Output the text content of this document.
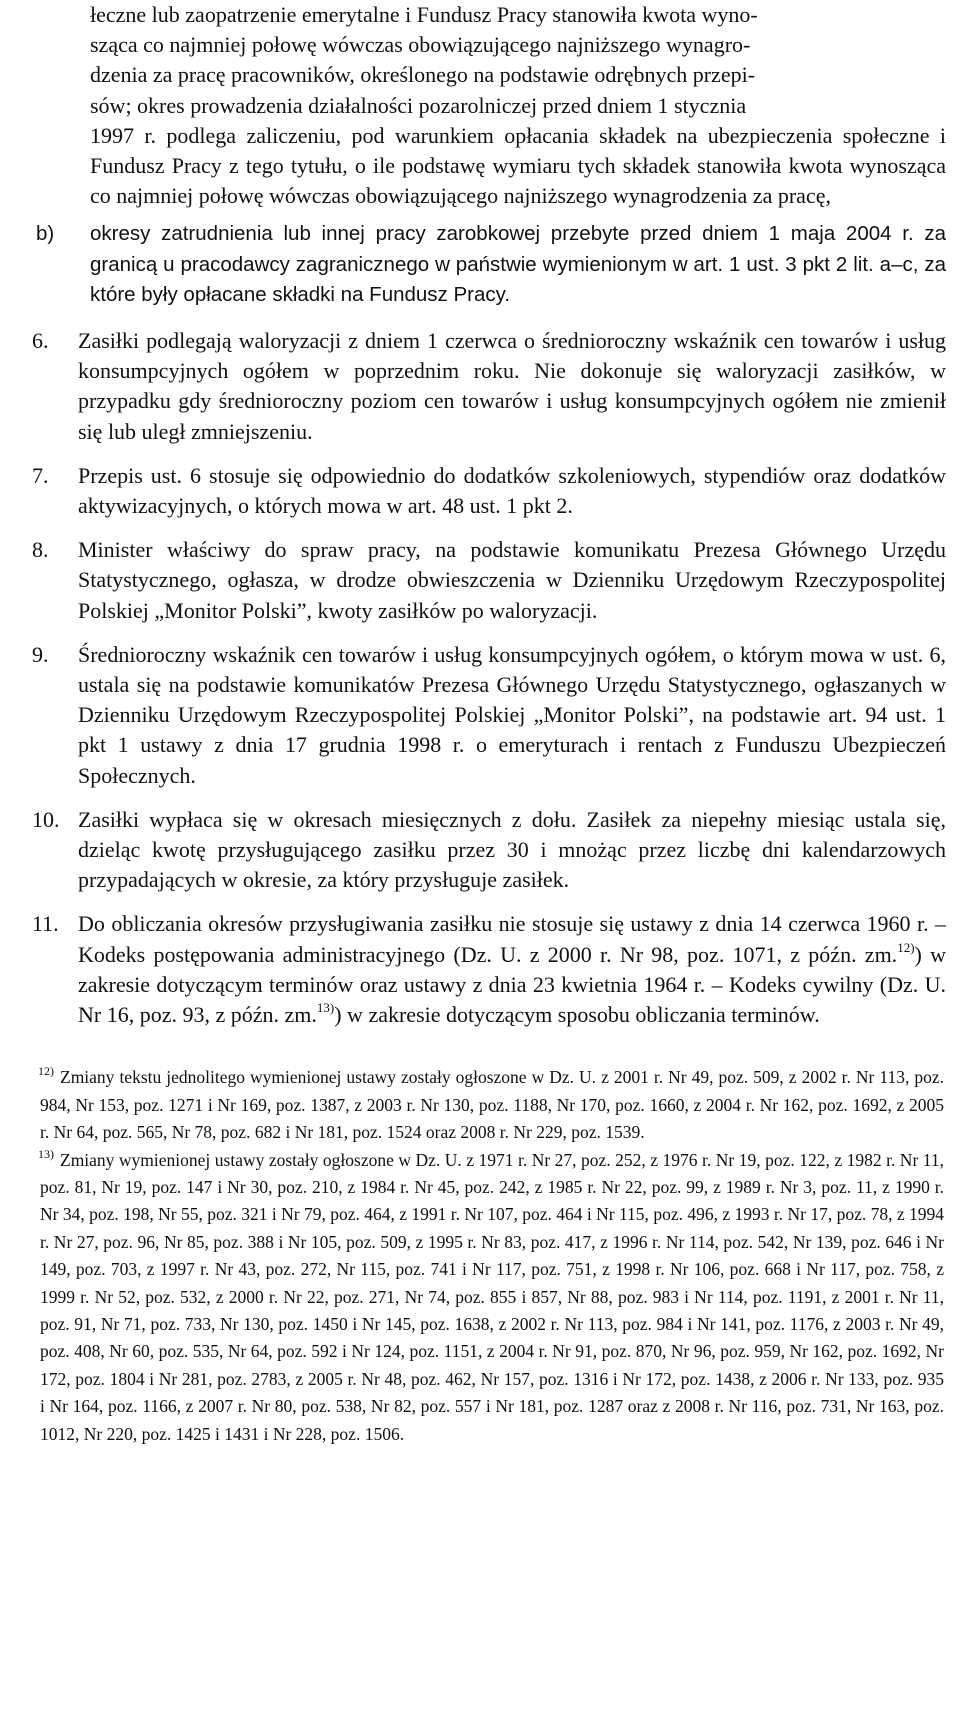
łeczne lub zaopatrzenie emerytalne i Fundusz Pracy stanowiła kwota wyno-
sząca co najmniej połowę wówczas obowiązującego najniższego wynagro-
dzenia za pracę pracowników, określonego na podstawie odrębnych przepi-
sów; okres prowadzenia działalności pozarolniczej przed dniem 1 stycznia
1997 r. podlega zaliczeniu, pod warunkiem opłacania składek na ubezpieczenia społeczne i Fundusz Pracy z tego tytułu, o ile podstawę wymiaru tych składek stanowiła kwota wynosząca co najmniej połowę wówczas obowiązującego najniższego wynagrodzenia za pracę,
b)	okresy zatrudnienia lub innej pracy zarobkowej przebyte przed dniem 1 maja 2004 r. za granicą u pracodawcy zagranicznego w państwie wymienionym w art. 1 ust. 3 pkt 2 lit. a–c, za które były opłacane składki na Fundusz Pracy.
6.	Zasiłki podlegają waloryzacji z dniem 1 czerwca o średnioroczny wskaźnik cen towarów i usług konsumpcyjnych ogółem w poprzednim roku. Nie dokonuje się waloryzacji zasiłków, w przypadku gdy średnioroczny poziom cen towarów i usług konsumpcyjnych ogółem nie zmienił się lub uległ zmniejszeniu.
7.	Przepis ust. 6 stosuje się odpowiednio do dodatków szkoleniowych, stypendiów oraz dodatków aktywizacyjnych, o których mowa w art. 48 ust. 1 pkt 2.
8.	Minister właściwy do spraw pracy, na podstawie komunikatu Prezesa Głównego Urzędu Statystycznego, ogłasza, w drodze obwieszczenia w Dzienniku Urzędowym Rzeczypospolitej Polskiej „Monitor Polski”, kwoty zasiłków po waloryzacji.
9.	Średnioroczny wskaźnik cen towarów i usług konsumpcyjnych ogółem, o którym mowa w ust. 6, ustala się na podstawie komunikatów Prezesa Głównego Urzędu Statystycznego, ogłaszanych w Dzienniku Urzędowym Rzeczypospolitej Polskiej „Monitor Polski”, na podstawie art. 94 ust. 1 pkt 1 ustawy z dnia 17 grudnia 1998 r. o emeryturach i rentach z Funduszu Ubezpieczeń Społecznych.
10. Zasiłki wypłaca się w okresach miesięcznych z dołu. Zasiłek za niepełny miesiąc ustala się, dzieląc kwotę przysługującego zasiłku przez 30 i mnożąc przez liczbę dni kalendarzowych przypadających w okresie, za który przysługuje zasiłek.
11. Do obliczania okresów przysługiwania zasiłku nie stosuje się ustawy z dnia 14 czerwca 1960 r. – Kodeks postępowania administracyjnego (Dz. U. z 2000 r. Nr 98, poz. 1071, z późn. zm.$^{12)}$) w zakresie dotyczącym terminów oraz ustawy z dnia 23 kwietnia 1964 r. – Kodeks cywilny (Dz. U. Nr 16, poz. 93, z późn. zm.$^{13)}$) w zakresie dotyczącym sposobu obliczania terminów.

$^{12)}$ Zmiany tekstu jednolitego wymienionej ustawy zostały ogłoszone w Dz. U. z 2001 r. Nr 49, poz. 509, z 2002 r. Nr 113, poz. 984, Nr 153, poz. 1271 i Nr 169, poz. 1387, z 2003 r. Nr 130, poz. 1188, Nr 170, poz. 1660, z 2004 r. Nr 162, poz. 1692, z 2005 r. Nr 64, poz. 565, Nr 78, poz. 682 i Nr 181, poz. 1524 oraz 2008 r. Nr 229, poz. 1539.

$^{13)}$ Zmiany wymienionej ustawy zostały ogłoszone w Dz. U. z 1971 r. Nr 27, poz. 252, z 1976 r. Nr 19, poz. 122, z 1982 r. Nr 11, poz. 81, Nr 19, poz. 147 i Nr 30, poz. 210, z 1984 r. Nr 45, poz. 242, z 1985 r. Nr 22, poz. 99, z 1989 r. Nr 3, poz. 11, z 1990 r. Nr 34, poz. 198, Nr 55, poz. 321 i Nr 79, poz. 464, z 1991 r. Nr 107, poz. 464 i Nr 115, poz. 496, z 1993 r. Nr 17, poz. 78, z 1994 r. Nr 27, poz. 96, Nr 85, poz. 388 i Nr 105, poz. 509, z 1995 r. Nr 83, poz. 417, z 1996 r. Nr 114, poz. 542, Nr 139, poz. 646 i Nr 149, poz. 703, z 1997 r. Nr 43, poz. 272, Nr 115, poz. 741 i Nr 117, poz. 751, z 1998 r. Nr 106, poz. 668 i Nr 117, poz. 758, z 1999 r. Nr 52, poz. 532, z 2000 r. Nr 22, poz. 271, Nr 74, poz. 855 i 857, Nr 88, poz. 983 i Nr 114, poz. 1191, z 2001 r. Nr 11, poz. 91, Nr 71, poz. 733, Nr 130, poz. 1450 i Nr 145, poz. 1638, z 2002 r. Nr 113, poz. 984 i Nr 141, poz. 1176, z 2003 r. Nr 49, poz. 408, Nr 60, poz. 535, Nr 64, poz. 592 i Nr 124, poz. 1151, z 2004 r. Nr 91, poz. 870, Nr 96, poz. 959, Nr 162, poz. 1692, Nr 172, poz. 1804 i Nr 281, poz. 2783, z 2005 r. Nr 48, poz. 462, Nr 157, poz. 1316 i Nr 172, poz. 1438, z 2006 r. Nr 133, poz. 935 i Nr 164, poz. 1166, z 2007 r. Nr 80, poz. 538, Nr 82, poz. 557 i Nr 181, poz. 1287 oraz z 2008 r. Nr 116, poz. 731, Nr 163, poz. 1012, Nr 220, poz. 1425 i 1431 i Nr 228, poz. 1506.
